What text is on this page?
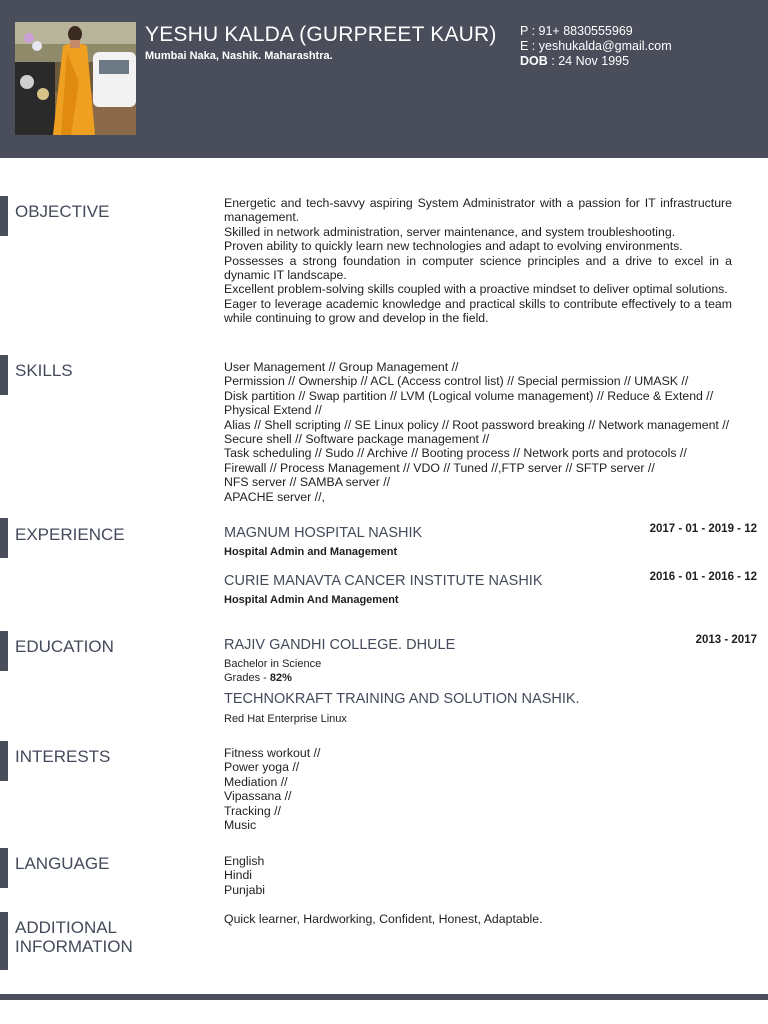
YESHU KALDA (GURPREET KAUR)
Mumbai Naka, Nashik. Maharashtra.
P : 91+ 8830555969
E : yeshukalda@gmail.com
DOB : 24 Nov 1995
OBJECTIVE	Energetic and tech-savvy aspiring System Administrator with a passion for IT infrastructure management.
Skilled in network administration, server maintenance, and system troubleshooting.
Proven ability to quickly learn new technologies and adapt to evolving environments.
Possesses a strong foundation in computer science principles and a drive to excel in a dynamic IT landscape.
Excellent problem-solving skills coupled with a proactive mindset to deliver optimal solutions.
Eager to leverage academic knowledge and practical skills to contribute effectively to a team while continuing to grow and develop in the field.
SKILLS	User Management // Group Management //
Permission // Ownership // ACL (Access control list) // Special permission // UMASK //
Disk partition // Swap partition // LVM (Logical volume management) // Reduce & Extend // Physical Extend //
Alias // Shell scripting // SE Linux policy // Root password breaking // Network management // Secure shell // Software package management //
Task scheduling // Sudo // Archive // Booting process // Network ports and protocols //
Firewall // Process Management // VDO // Tuned //,FTP server // SFTP server //
NFS server // SAMBA server //
APACHE server //,
EXPERIENCE	MAGNUM HOSPITAL NASHIK	2017 - 01 - 2019 - 12
Hospital Admin and Management
CURIE MANAVTA CANCER INSTITUTE NASHIK	2016 - 01 - 2016 - 12
Hospital Admin And Management
EDUCATION	RAJIV GANDHI COLLEGE. DHULE	2013 - 2017
Bachelor in Science
Grades - 82%
TECHNOKRAFT TRAINING AND SOLUTION NASHIK.
Red Hat Enterprise Linux
INTERESTS	Fitness workout //
Power yoga //
Mediation //
Vipassana //
Tracking //
Music
LANGUAGE	English
Hindi
Punjabi
ADDITIONAL
INFORMATION
Quick learner, Hardworking, Confident, Honest, Adaptable.
